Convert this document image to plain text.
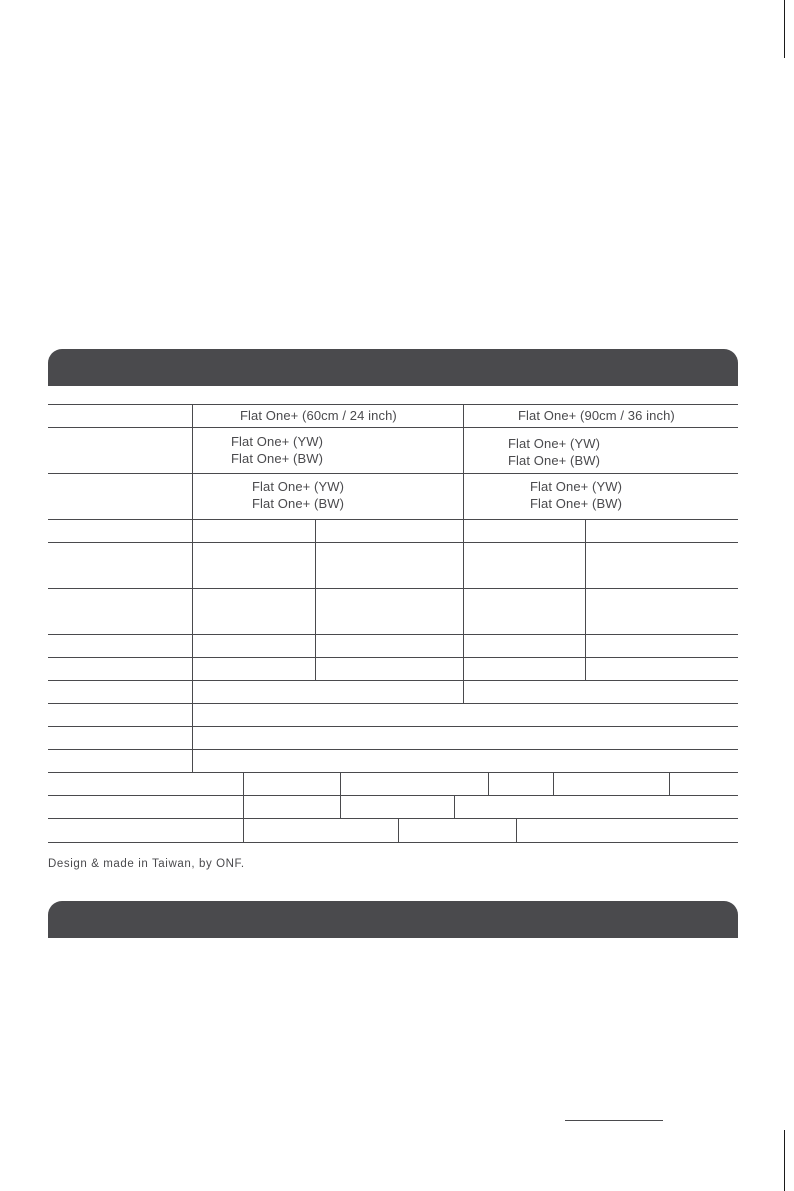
Flat One+ (60cm / 24 inch)	Flat One+ (90cm / 36 inch)
Flat One+ (YW)
Flat One+ (BW)
Flat One+ (YW)
Flat One+ (BW)
Flat One+ (YW)
Flat One+ (BW)
Flat One+ (YW)
Flat One+ (BW)
Design & made in Taiwan, by ONF.
